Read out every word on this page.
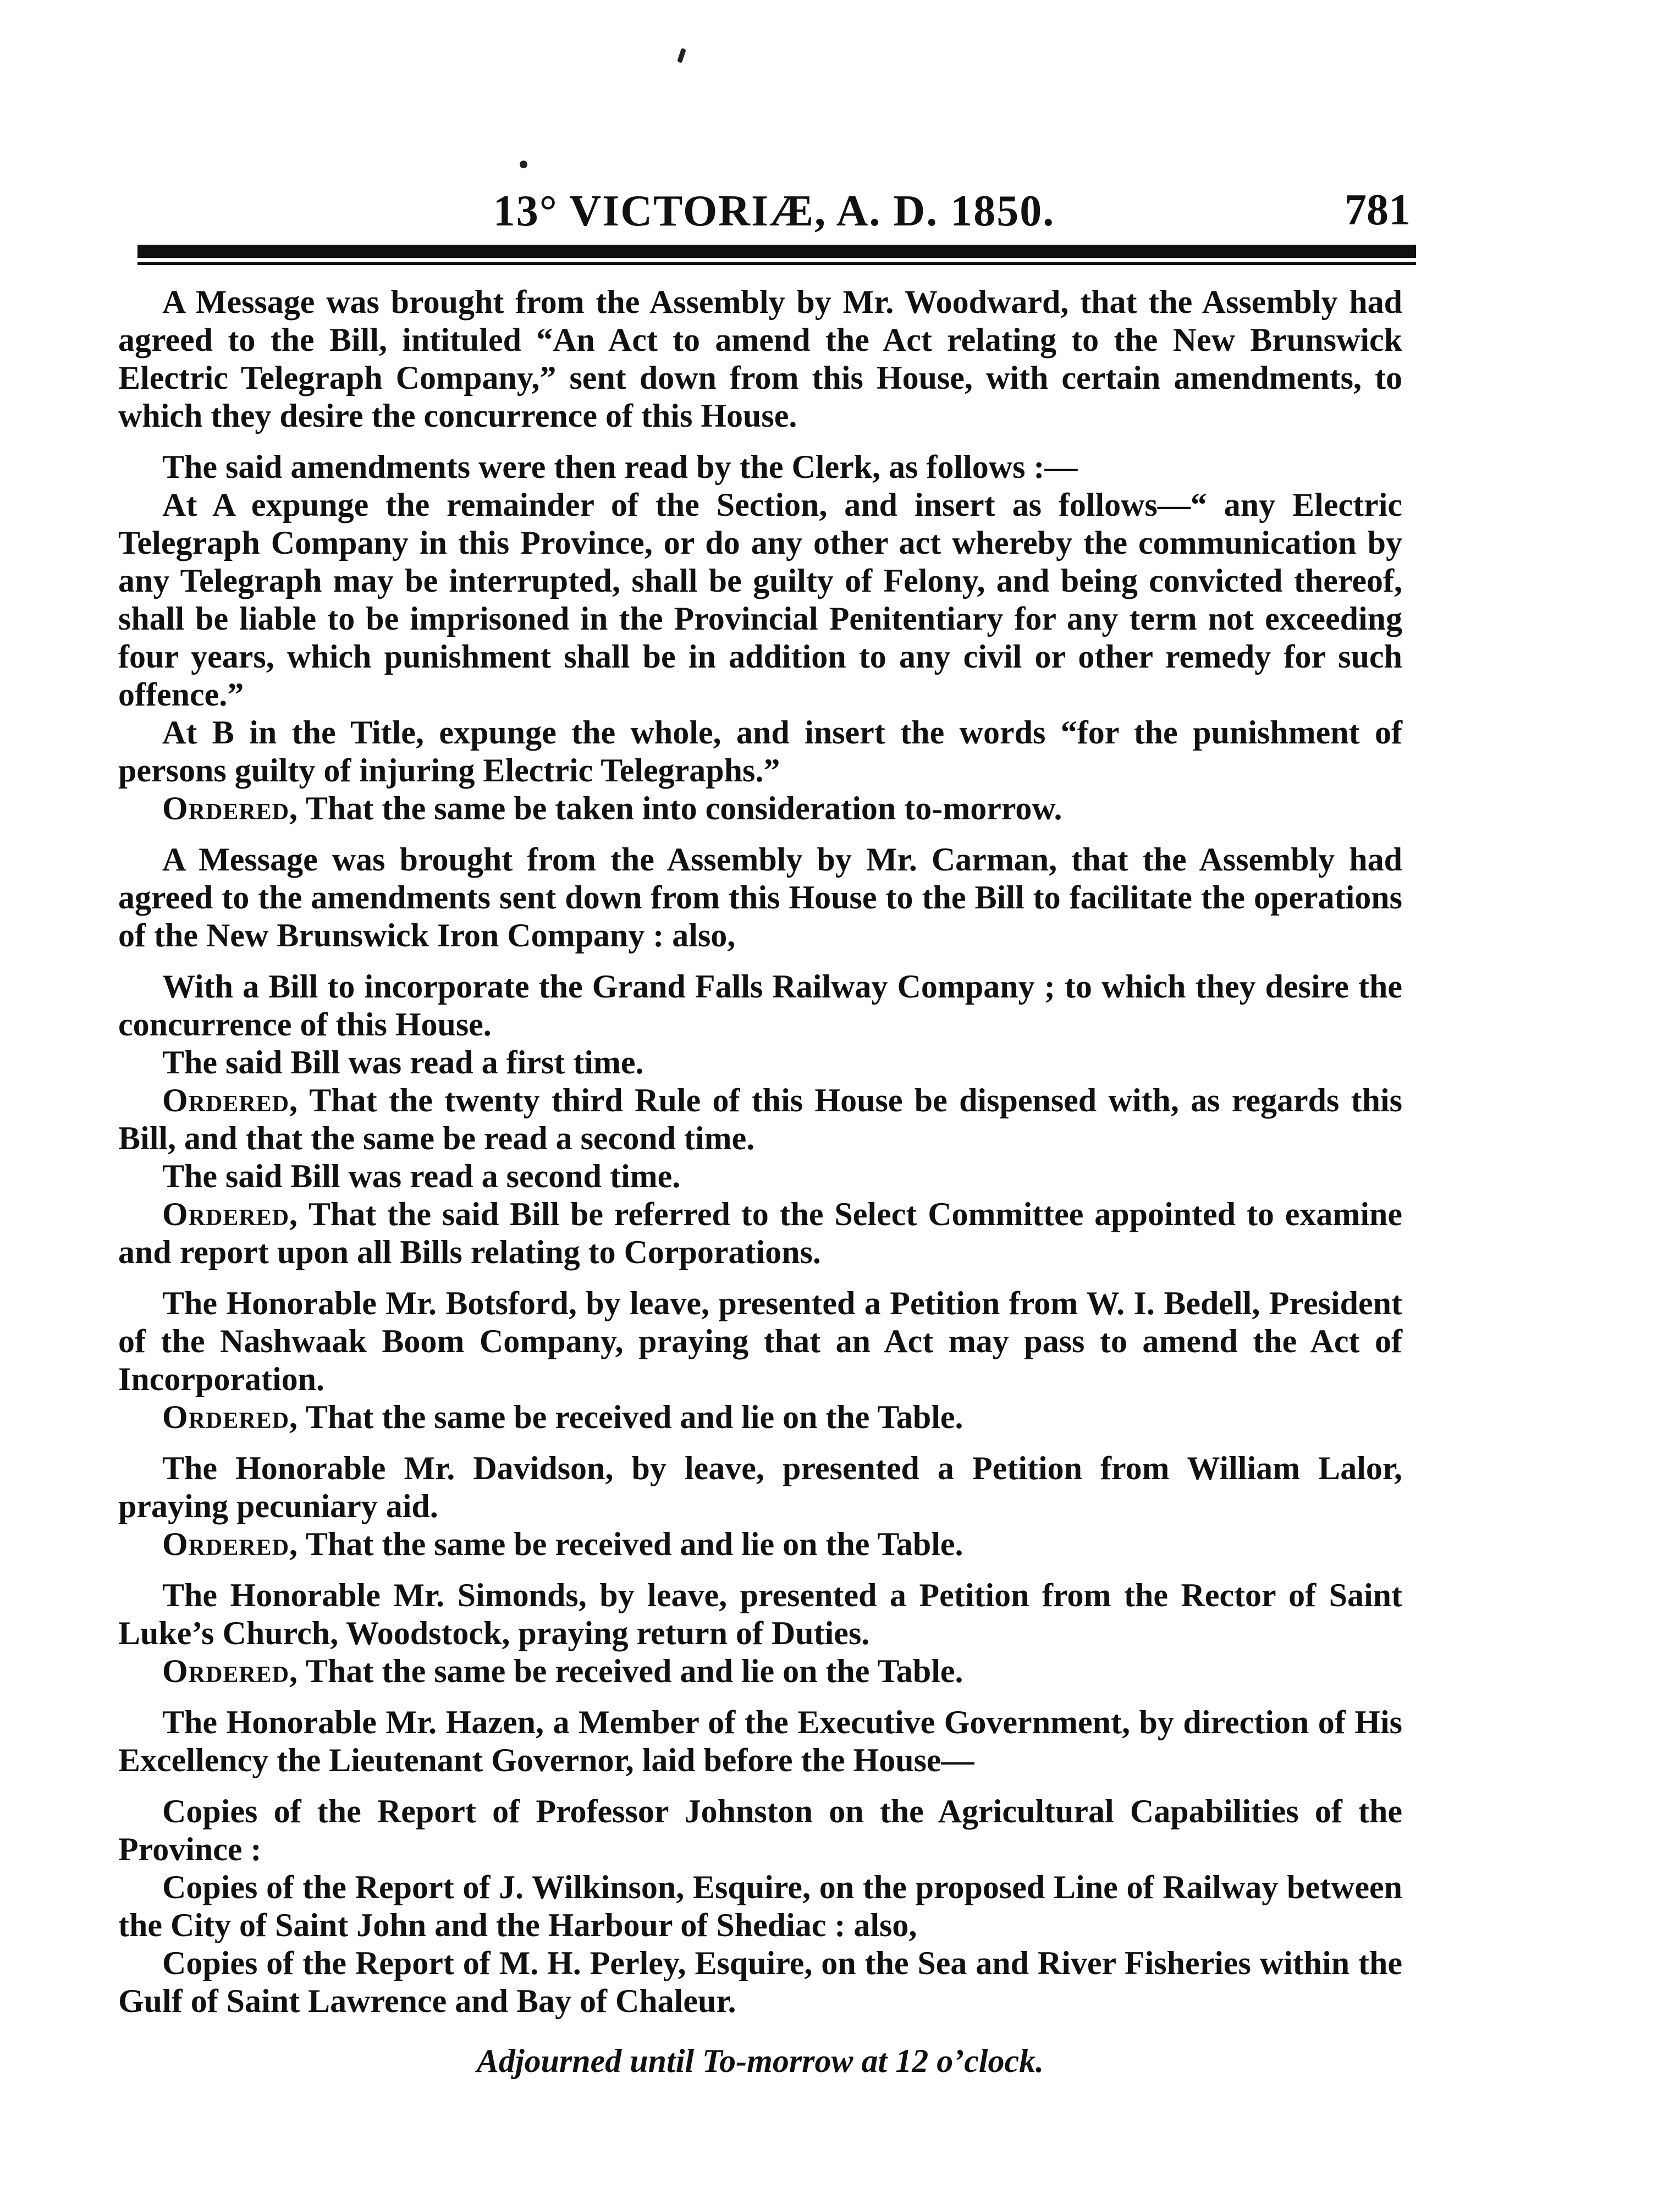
13° VICTORIÆ, A. D. 1850.	781

A Message was brought from the Assembly by Mr. Woodward, that the Assembly had agreed to the Bill, intituled “An Act to amend the Act relating to the New Brunswick Electric Telegraph Company,” sent down from this House, with certain amendments, to which they desire the concurrence of this House.

The said amendments were then read by the Clerk, as follows :—

At A expunge the remainder of the Section, and insert as follows—“ any Electric Telegraph Company in this Province, or do any other act whereby the communication by any Telegraph may be interrupted, shall be guilty of Felony, and being convicted thereof, shall be liable to be imprisoned in the Provincial Penitentiary for any term not exceeding four years, which punishment shall be in addition to any civil or other remedy for such offence.”

At B in the Title, expunge the whole, and insert the words “for the punishment of persons guilty of injuring Electric Telegraphs.”

Ordered, That the same be taken into consideration to-morrow.

A Message was brought from the Assembly by Mr. Carman, that the Assembly had agreed to the amendments sent down from this House to the Bill to facilitate the operations of the New Brunswick Iron Company : also,

With a Bill to incorporate the Grand Falls Railway Company ; to which they desire the concurrence of this House.

The said Bill was read a first time.

Ordered, That the twenty third Rule of this House be dispensed with, as regards this Bill, and that the same be read a second time.

The said Bill was read a second time.

Ordered, That the said Bill be referred to the Select Committee appointed to examine and report upon all Bills relating to Corporations.

The Honorable Mr. Botsford, by leave, presented a Petition from W. I. Bedell, President of the Nashwaak Boom Company, praying that an Act may pass to amend the Act of Incorporation.

Ordered, That the same be received and lie on the Table.

The Honorable Mr. Davidson, by leave, presented a Petition from William Lalor, praying pecuniary aid.

Ordered, That the same be received and lie on the Table.

The Honorable Mr. Simonds, by leave, presented a Petition from the Rector of Saint Luke’s Church, Woodstock, praying return of Duties.

Ordered, That the same be received and lie on the Table.

The Honorable Mr. Hazen, a Member of the Executive Government, by direction of His Excellency the Lieutenant Governor, laid before the House—

Copies of the Report of Professor Johnston on the Agricultural Capabilities of the Province :

Copies of the Report of J. Wilkinson, Esquire, on the proposed Line of Railway between the City of Saint John and the Harbour of Shediac : also,

Copies of the Report of M. H. Perley, Esquire, on the Sea and River Fisheries within the Gulf of Saint Lawrence and Bay of Chaleur.

Adjourned until To-morrow at 12 o’clock.
